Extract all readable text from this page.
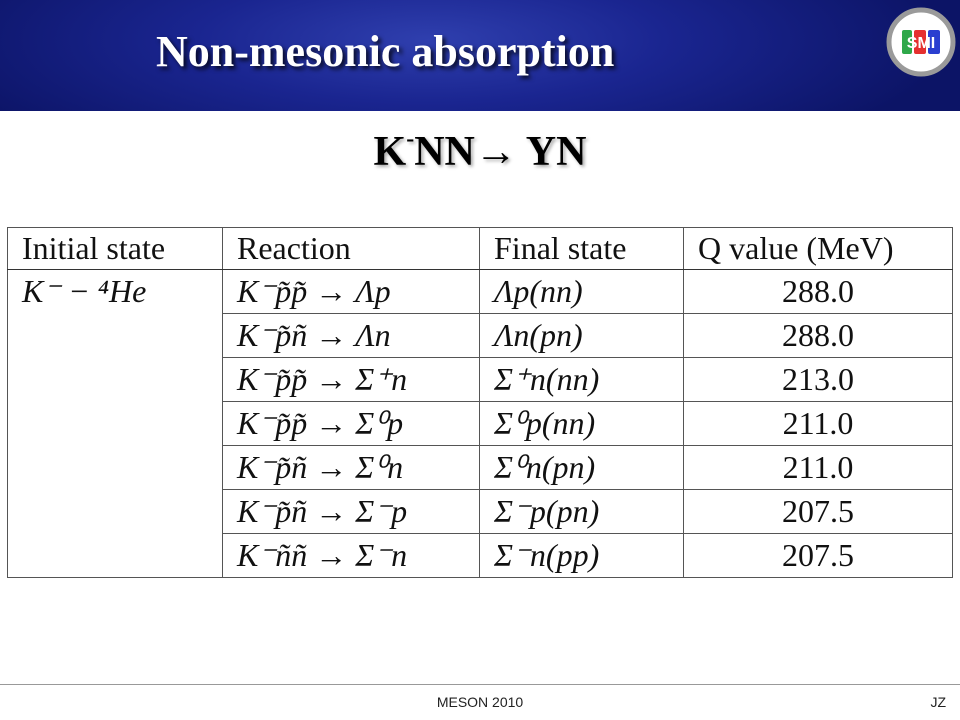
Non-mesonic absorption	SMI
K-NN→ YN
Initial state	Reaction	Final state	Q value (MeV)
K⁻ − ⁴He	K⁻p̃p̃ → Λp	Λp(nn)	288.0
	K⁻p̃ñ → Λn	Λn(pn)	288.0
	K⁻p̃p̃ → Σ⁺n	Σ⁺n(nn)	213.0
	K⁻p̃p̃ → Σ⁰p	Σ⁰p(nn)	211.0
	K⁻p̃ñ → Σ⁰n	Σ⁰n(pn)	211.0
	K⁻p̃ñ → Σ⁻p	Σ⁻p(pn)	207.5
	K⁻ññ → Σ⁻n	Σ⁻n(pp)	207.5
MESON 2010	JZ
